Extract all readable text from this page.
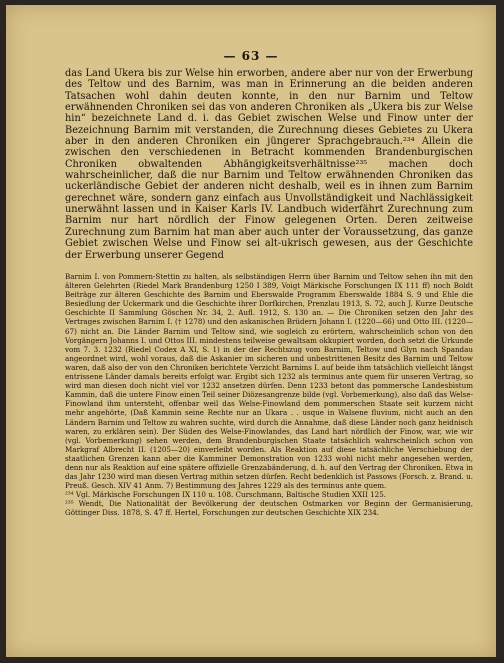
— 63 —

das Land Ukera bis zur Welse hin erworben, andere aber nur von der Erwerbung des Teltow und des Barnim, was man in Erinnerung an die beiden anderen Tatsachen wohl dahin deuten konnte, in den nur Barnim und Teltow erwähnenden Chroniken sei das von anderen Chroniken als „Ukera bis zur Welse hin“ bezeichnete Land d. i. das Gebiet zwischen Welse und Finow unter der Bezeichnung Barnim mit verstanden, die Zurechnung dieses Gebietes zu Ukera aber in den anderen Chroniken ein jüngerer Sprachgebrauch.²³⁴ Allein die zwischen den verschiedenen in Betracht kommenden Brandenburgischen Chroniken obwaltenden Abhängigkeitsverhältnisse²³⁵ machen doch wahrscheinlicher, daß die nur Barnim und Teltow erwähnenden Chroniken das uckerländische Gebiet der anderen nicht deshalb, weil es in ihnen zum Barnim gerechnet wäre, sondern ganz einfach aus Unvollständigkeit und Nachlässigkeit unerwähnt lassen und in Kaiser Karls IV. Landbuch widerfährt Zurechnung zum Barnim nur hart nördlich der Finow gelegenen Orten. Deren zeitweise Zurechnung zum Barnim hat man aber auch unter der Voraussetzung, das ganze Gebiet zwischen Welse und Finow sei alt-ukrisch gewesen, aus der Geschichte der Erwerbung unserer Gegend

Barnim I. von Pommern-Stettin zu halten, als selbständigen Herrn über Barnim und Teltow sehen ihn mit den älteren Gelehrten (Riedel Mark Brandenburg 1250 I 389, Voigt Märkische Forschungen IX 111 ff) noch Boldt Beiträge zur älteren Geschichte des Barnim und Eberswalde Programm Eberswalde 1884 S. 9 und Ehle die Besiedlung der Uckermark und die Geschichte ihrer Dorfkirchen, Prenzlau 1913, S. 72, auch J. Kurze Deutsche Geschichte II Sammlung Göschen Nr. 34, 2. Aufl. 1912, S. 130 an. — Die Chroniken setzen den Jahr des Vertrages zwischen Barnim I. († 1278) und den askanischen Brüdern Johann I. (1220—66) und Otto III. (1220—67) nicht an. Die Länder Barnim und Teltow sind, wie sogleich zu erörtern, wahrscheinlich schon von den Vorgängern Johanns I. und Ottos III. mindestens teilweise gewaltsam okkupiert worden, doch setzt die Urkunde vom 7. 3. 1232 (Riedel Codex A XI, S. 1) in der der Rechtszug vom Barnim, Teltow und Glyn nach Spandau angeordnet wird, wohl voraus, daß die Askanier im sicheren und unbestrittenen Besitz des Barnim und Teltow waren, daß also der von den Chroniken berichtete Verzicht Barnims I. auf beide ihm tatsächlich vielleicht längst entrissene Länder damals bereits erfolgt war. Ergibt sich 1232 als terminus ante quem für unseren Vertrag, so wird man diesen doch nicht viel vor 1232 ansetzen dürfen. Denn 1233 betont das pommersche Landesbistum Kammin, daß die untere Finow einen Teil seiner Diözesangrenze bilde (vgl. Vorbemerkung), also daß das Welse-Finowland ihm untersteht, offenbar weil das Welse-Finowland dem pommerschen Staate seit kurzem nicht mehr angehörte, (Daß Kammin seine Rechte nur an Ukara . . usque in Walsene fluvium, nicht auch an den Ländern Barnim und Teltow zu wahren suchte, wird durch die Annahme, daß diese Länder noch ganz heidnisch waren, zu erklären sein). Der Süden des Welse-Finowlandes, das Land hart nördlich der Finow, war, wie wir (vgl. Vorbemerkung) sehen werden, dem Brandenburgischen Staate tatsächlich wahrscheinlich schon von Markgraf Albrecht II. (1205—20) einverleibt worden. Als Reaktion auf diese tatsächliche Verschiebung der staatlichen Grenzen kann aber die Kamminer Demonstration von 1233 wohl nicht mehr angesehen werden, denn nur als Reaktion auf eine spätere offizielle Grenzabänderung, d. h. auf den Vertrag der Chroniken. Etwa in das Jahr 1230 wird man diesen Vertrag mithin setzen dürfen. Recht bedenklich ist Passows (Forsch. z. Brand. u. Preuß. Gesch. XIV 41 Anm. 7) Bestimmung des Jahres 1229 als des terminus ante quem.
²³⁴ Vgl. Märkische Forschungen IX 110 u. 108. Curschmann, Baltische Studien XXII 125.
²³⁵ Wendt, Die Nationalität der Bevölkerung der deutschen Ostmarken vor Beginn der Germanisierung, Göttinger Diss. 1878, S. 47 ff. Hertel, Forschungen zur deutschen Geschichte XIX 234.
